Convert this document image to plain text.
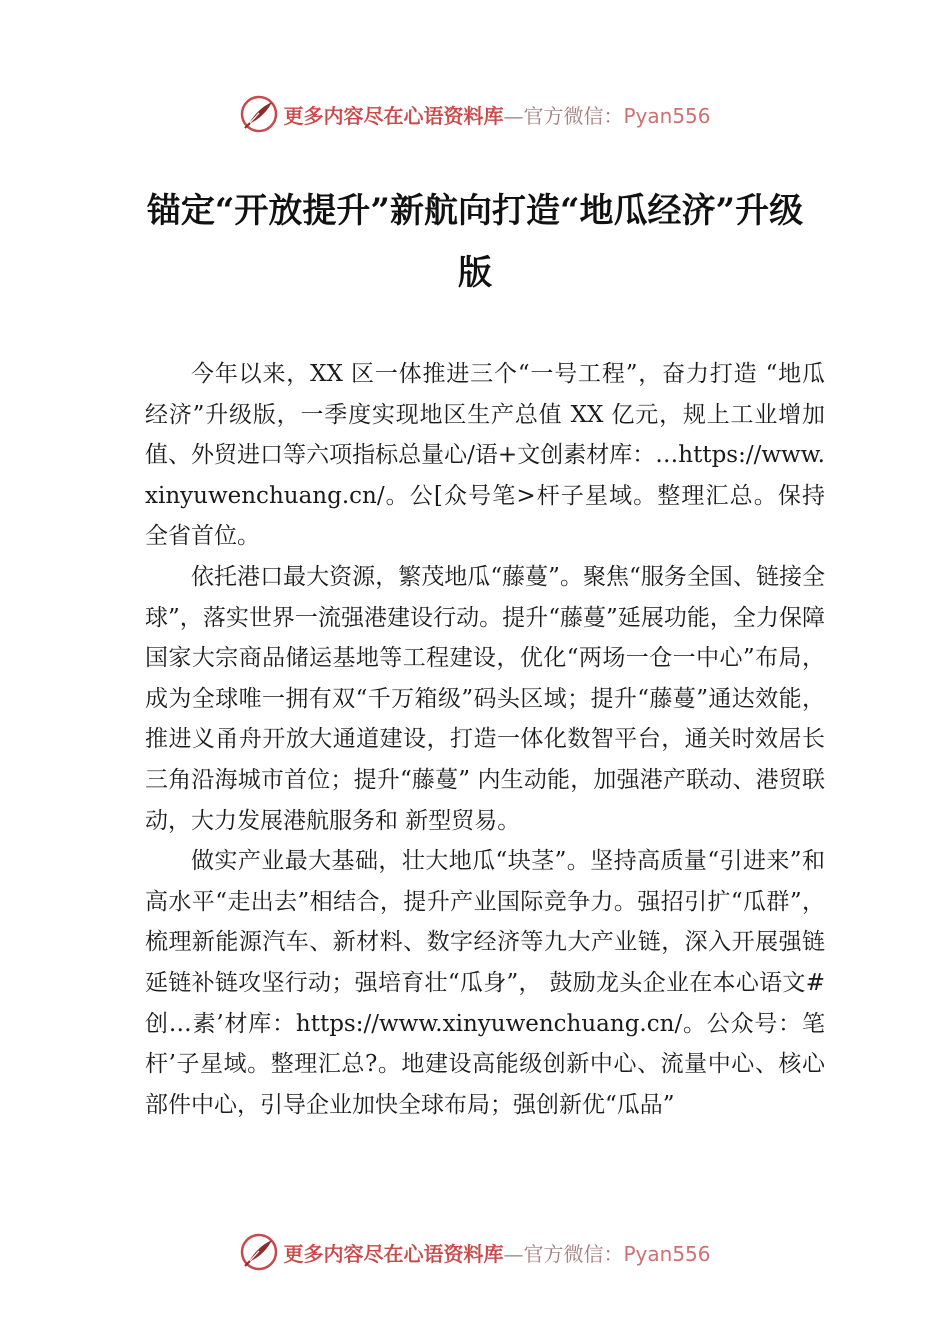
更多内容尽在心语资料库—官方微信：Pyan556
锚定“开放提升”新航向打造“地瓜经济”升级版

今年以来，XX 区一体推进三个“一号工程”，奋力打造 “地瓜经济”升级版，一季度实现地区生产总值 XX 亿元，规上工业增加值、外贸进口等六项指标总量心/语+文创素材库：…https://www.xinyuwenchuang.cn/。公[众号笔>杆子星域。整理汇总。保持全省首位。

依托港口最大资源，繁茂地瓜“藤蔓”。聚焦“服务全国、链接全球”，落实世界一流强港建设行动。提升“藤蔓”延展功能，全力保障国家大宗商品储运基地等工程建设，优化“两场一仓一中心”布局，成为全球唯一拥有双“千万箱级”码头区域；提升“藤蔓”通达效能，推进义甬舟开放大通道建设，打造一体化数智平台，通关时效居长三角沿海城市首位；提升“藤蔓” 内生动能，加强港产联动、港贸联动，大力发展港航服务和 新型贸易。

做实产业最大基础，壮大地瓜“块茎”。坚持高质量“引进来”和高水平“走出去”相结合，提升产业国际竞争力。强招引扩“瓜群”，梳理新能源汽车、新材料、数字经济等九大产业链，深入开展强链延链补链攻坚行动；强培育壮“瓜身”， 鼓励龙头企业在本心语文#创…素’材库：https://www.xinyuwenchuang.cn/。公众号：笔杆’子星域。整理汇总?。地建设高能级创新中心、流量中心、核心部件中心，引导企业加快全球布局；强创新优“瓜品”

更多内容尽在心语资料库—官方微信：Pyan556
